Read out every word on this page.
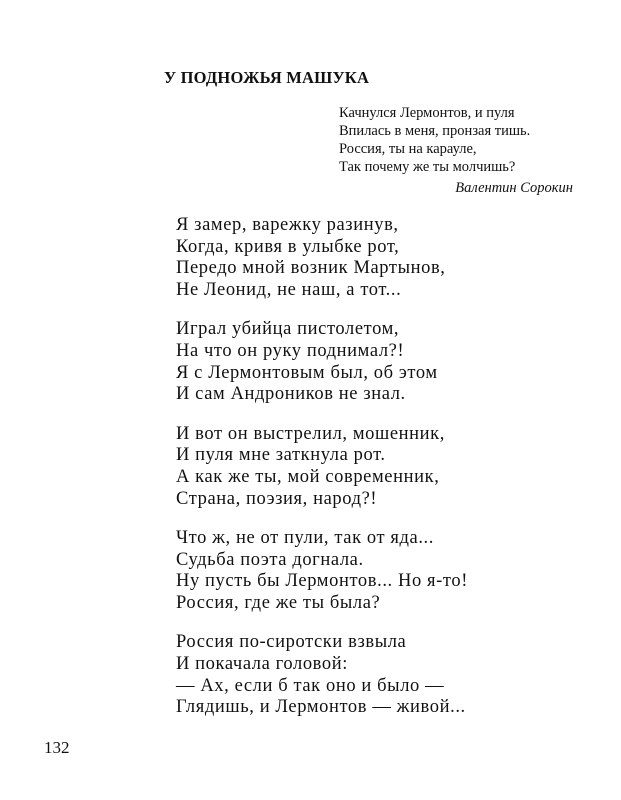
У ПОДНОЖЬЯ МАШУКА
Качнулся Лермонтов, и пуля
Впилась в меня, пронзая тишь.
Россия, ты на карауле,
Так почему же ты молчишь?
Валентин Сорокин
Я замер, варежку разинув,
Когда, кривя в улыбке рот,
Передо мной возник Мартынов,
Не Леонид, не наш, а тот...
Играл убийца пистолетом,
На что он руку поднимал?!
Я с Лермонтовым был, об этом
И сам Андроников не знал.
И вот он выстрелил, мошенник,
И пуля мне заткнула рот.
А как же ты, мой современник,
Страна, поэзия, народ?!
Что ж, не от пули, так от яда...
Судьба поэта догнала.
Ну пусть бы Лермонтов... Но я-то!
Россия, где же ты была?
Россия по-сиротски взвыла
И покачала головой:
— Ах, если б так оно и было —
Глядишь, и Лермонтов — живой...
132
